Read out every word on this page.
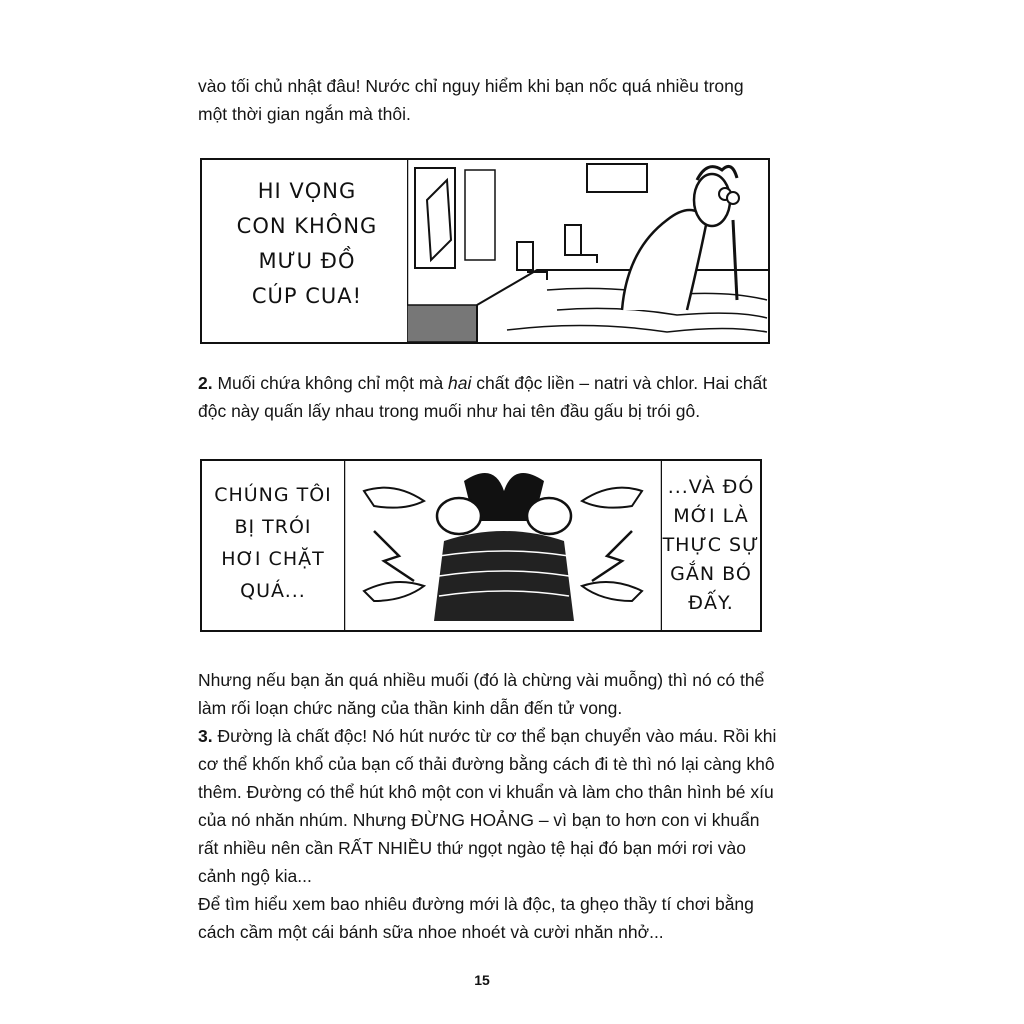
vào tối chủ nhật đâu! Nước chỉ nguy hiểm khi bạn nốc quá nhiều trong
một thời gian ngắn mà thôi.
HI VỌNG
CON KHÔNG
MƯU ĐỒ
CÚP CUA!
2. Muối chứa không chỉ một mà hai chất độc liền – natri và chlor. Hai chất độc này quấn lấy nhau trong muối như hai tên đầu gấu bị trói gô.
CHÚNG TÔI
BỊ TRÓI
HƠI CHẶT
QUÁ...
...VÀ ĐÓ
MỚI LÀ
THỰC SỰ
GẮN BÓ
ĐẤY.
Nhưng nếu bạn ăn quá nhiều muối (đó là chừng vài muỗng) thì nó có thể làm rối loạn chức năng của thần kinh dẫn đến tử vong.
3. Đường là chất độc! Nó hút nước từ cơ thể bạn chuyển vào máu. Rồi khi cơ thể khốn khổ của bạn cố thải đường bằng cách đi tè thì nó lại càng khô thêm. Đường có thể hút khô một con vi khuẩn và làm cho thân hình bé xíu của nó nhăn nhúm. Nhưng ĐỪNG HOẢNG – vì bạn to hơn con vi khuẩn rất nhiều nên cần RẤT NHIỀU thứ ngọt ngào tệ hại đó bạn mới rơi vào cảnh ngộ kia...
Để tìm hiểu xem bao nhiêu đường mới là độc, ta ghẹo thầy tí chơi bằng cách cầm một cái bánh sữa nhoe nhoét và cười nhăn nhở...
15
